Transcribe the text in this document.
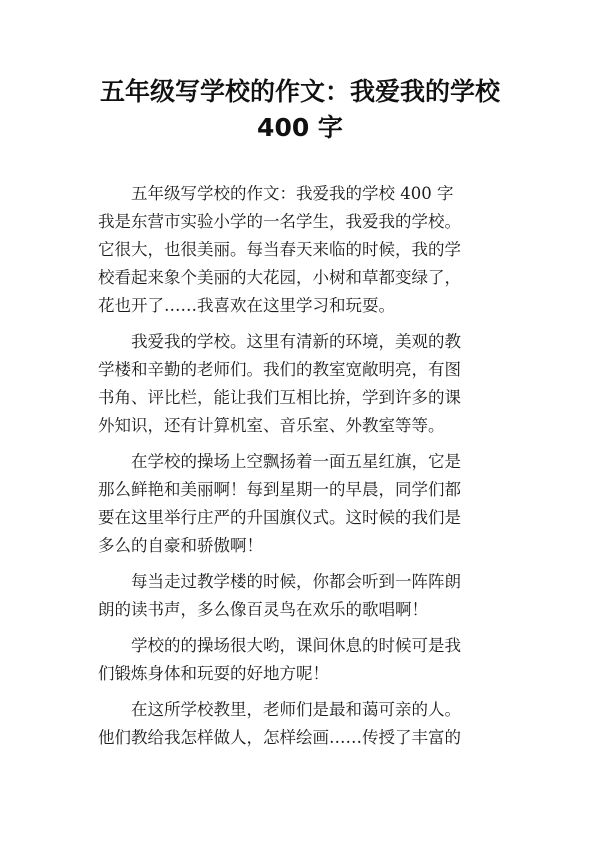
五年级写学校的作文：我爱我的学校
400 字
五年级写学校的作文：我爱我的学校 400 字
我是东营市实验小学的一名学生，我爱我的学校。
它很大，也很美丽。每当春天来临的时候，我的学
校看起来象个美丽的大花园，小树和草都变绿了，
花也开了……我喜欢在这里学习和玩耍。
我爱我的学校。这里有清新的环境，美观的教
学楼和辛勤的老师们。我们的教室宽敞明亮，有图
书角、评比栏，能让我们互相比拚，学到许多的课
外知识，还有计算机室、音乐室、外教室等等。
在学校的操场上空飘扬着一面五星红旗，它是
那么鲜艳和美丽啊！每到星期一的早晨，同学们都
要在这里举行庄严的升国旗仪式。这时候的我们是
多么的自豪和骄傲啊！
每当走过教学楼的时候，你都会听到一阵阵朗
朗的读书声，多么像百灵鸟在欢乐的歌唱啊！
学校的的操场很大哟，课间休息的时候可是我
们锻炼身体和玩耍的好地方呢！
在这所学校教里，老师们是最和蔼可亲的人。
他们教给我怎样做人，怎样绘画……传授了丰富的
